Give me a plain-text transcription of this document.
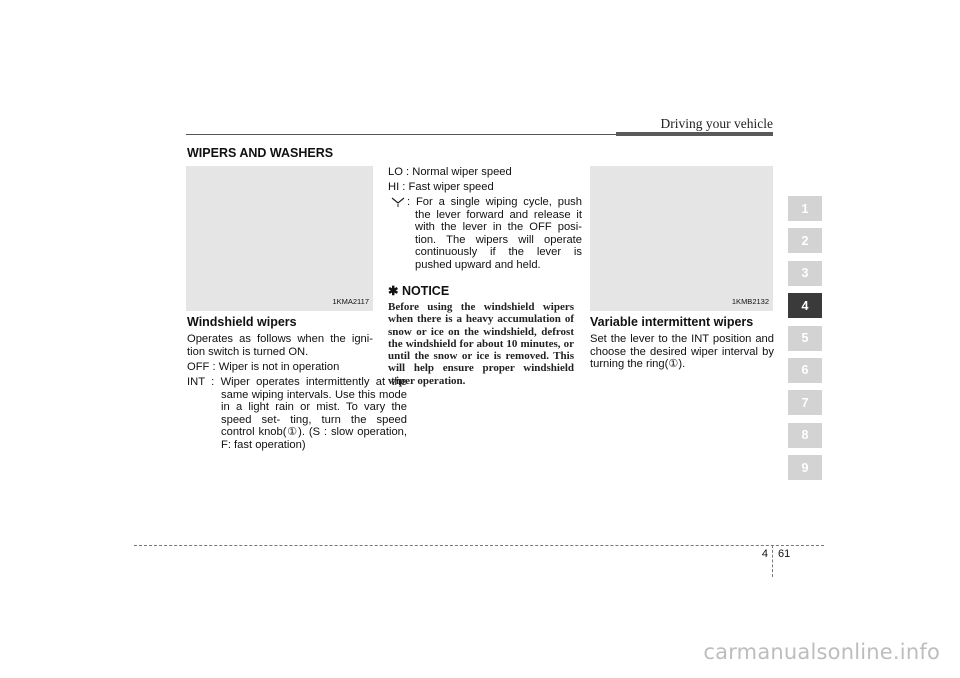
Driving your vehicle
WIPERS AND WASHERS
1KMA2117
Windshield wipers
Operates as follows when the igni- tion switch is turned ON.
OFF : Wiper is not in operation
INT : Wiper operates intermittently at the same wiping intervals. Use this mode in a light rain or mist. To vary the speed set- ting, turn the speed control knob(①). (S : slow operation, F: fast operation)
LO : Normal wiper speed
HI : Fast wiper speed
: For a single wiping cycle, push the lever forward and release it with the lever in the OFF posi- tion. The wipers will operate continuously if the lever is pushed upward and held.
✱ NOTICE
Before using the windshield wipers when there is a heavy accumulation of snow or ice on the windshield, defrost the windshield for about 10 minutes, or until the snow or ice is removed. This will help ensure proper windshield wiper operation.
1KMB2132
Variable intermittent wipers
Set the lever to the INT position and choose the desired wiper interval by turning the ring(①).
1
2
3
4
5
6
7
8
9
4 61
carmanualsonline.info
